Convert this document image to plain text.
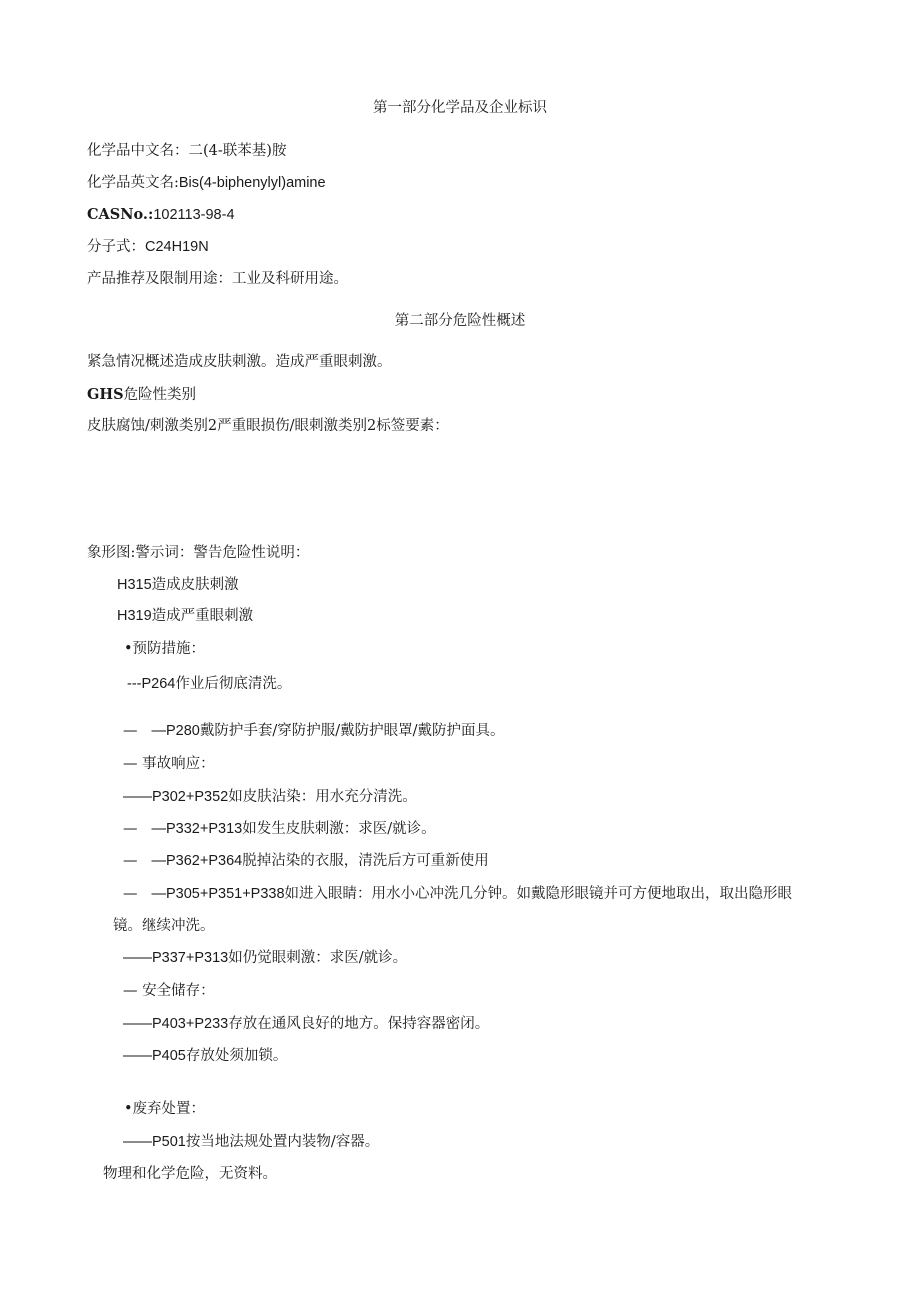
第一部分化学品及企业标识
化学品中文名：二(4-联苯基)胺
化学品英文名:Bis(4-biphenylyl)amine
CASNo.:102113-98-4
分子式：C24H19N
产品推荐及限制用途：工业及科研用途。
第二部分危险性概述
紧急情况概述造成皮肤刺激。造成严重眼刺激。
GHS危险性类别
皮肤腐蚀/刺激类别2严重眼损伤/眼刺激类别2标签要素：
象形图:警示词：警告危险性说明：
H315造成皮肤刺激
H319造成严重眼刺激
•预防措施：
---P264作业后彻底清洗。
— —P280戴防护手套/穿防护服/戴防护眼罩/戴防护面具。
— 事故响应：
——P302+P352如皮肤沾染：用水充分清洗。
— —P332+P313如发生皮肤刺激：求医/就诊。
— —P362+P364脱掉沾染的衣服，清洗后方可重新使用
— —P305+P351+P338如进入眼睛：用水小心冲洗几分钟。如戴隐形眼镜并可方便地取出，取出隐形眼
镜。继续冲洗。
——P337+P313如仍觉眼刺激：求医/就诊。
— 安全储存：
——P403+P233存放在通风良好的地方。保持容器密闭。
——P405存放处须加锁。
•废弃处置：
——P501按当地法规处置内装物/容器。
物理和化学危险，无资料。
